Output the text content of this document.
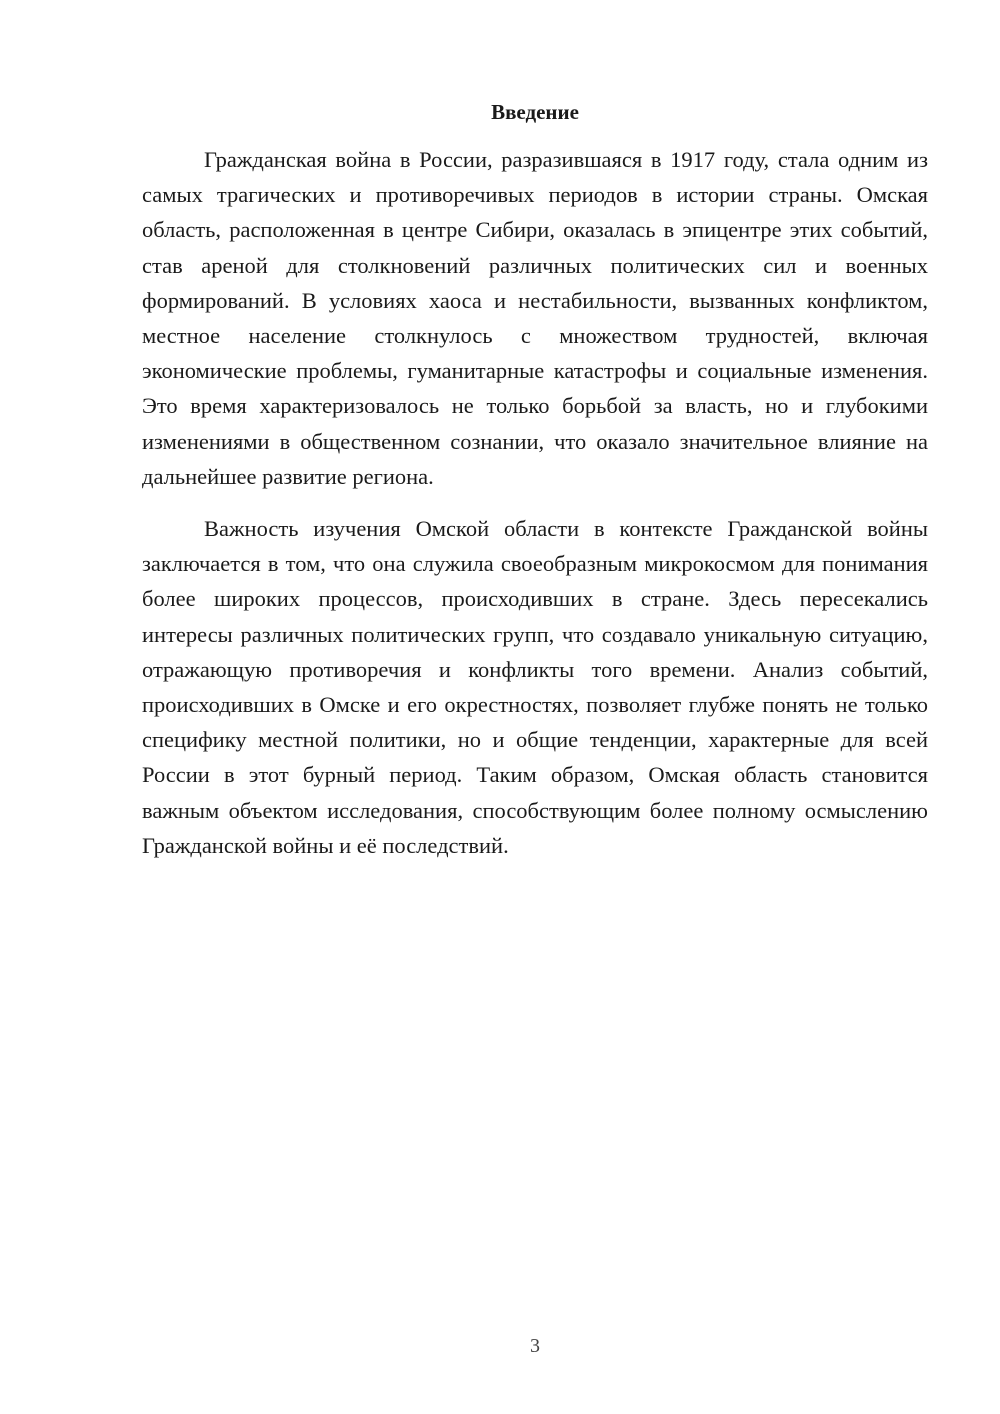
Введение

Гражданская война в России, разразившаяся в 1917 году, стала одним из самых трагических и противоречивых периодов в истории страны. Омская область, расположенная в центре Сибири, оказалась в эпицентре этих событий, став ареной для столкновений различных политических сил и военных формирований. В условиях хаоса и нестабильности, вызванных конфликтом, местное население столкнулось с множеством трудностей, включая экономические проблемы, гуманитарные катастрофы и социальные изменения. Это время характеризовалось не только борьбой за власть, но и глубокими изменениями в общественном сознании, что оказало значительное влияние на дальнейшее развитие региона.

Важность изучения Омской области в контексте Гражданской войны заключается в том, что она служила своеобразным микрокосмом для понимания более широких процессов, происходивших в стране. Здесь пересекались интересы различных политических групп, что создавало уникальную ситуацию, отражающую противоречия и конфликты того времени. Анализ событий, происходивших в Омске и его окрестностях, позволяет глубже понять не только специфику местной политики, но и общие тенденции, характерные для всей России в этот бурный период. Таким образом, Омская область становится важным объектом исследования, способствующим более полному осмыслению Гражданской войны и её последствий.

3
